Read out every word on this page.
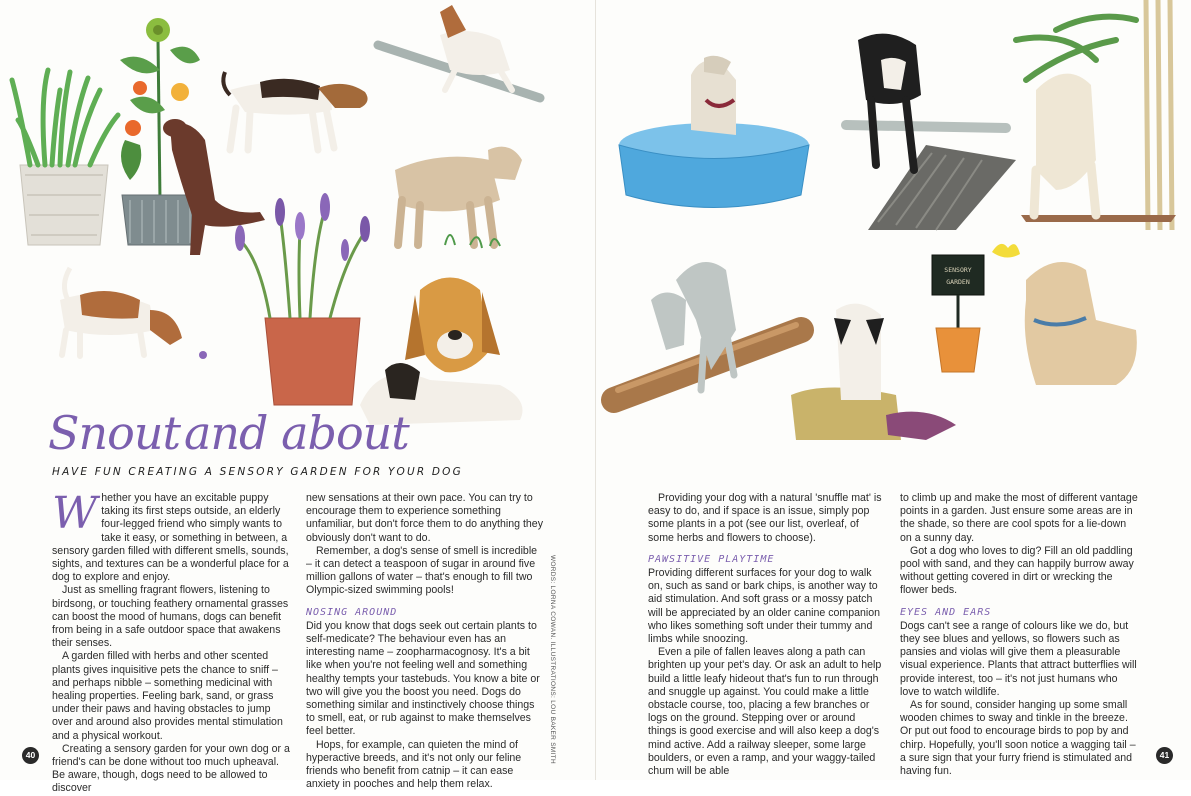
Snout and about
HAVE FUN CREATING A SENSORY GARDEN FOR YOUR DOG

Whether you have an excitable puppy taking its first steps outside, an elderly four-legged friend who simply wants to take it easy, or something in between, a sensory garden filled with different smells, sounds, sights, and textures can be a wonderful place for a dog to explore and enjoy.

Just as smelling fragrant flowers, listening to birdsong, or touching feathery ornamental grasses can boost the mood of humans, dogs can benefit from being in a safe outdoor space that awakens their senses.

A garden filled with herbs and other scented plants gives inquisitive pets the chance to sniff – and perhaps nibble – something medicinal with healing properties. Feeling bark, sand, or grass under their paws and having obstacles to jump over and around also provides mental stimulation and a physical workout.

Creating a sensory garden for your own dog or a friend's can be done without too much upheaval. Be aware, though, dogs need to be allowed to discover

new sensations at their own pace. You can try to encourage them to experience something unfamiliar, but don't force them to do anything they obviously don't want to do.

Remember, a dog's sense of smell is incredible – it can detect a teaspoon of sugar in around five million gallons of water – that's enough to fill two Olympic-sized swimming pools!

NOSING AROUND

Did you know that dogs seek out certain plants to self-medicate? The behaviour even has an interesting name – zoopharmacognosy. It's a bit like when you're not feeling well and something healthy tempts your tastebuds. You know a bite or two will give you the boost you need. Dogs do something similar and instinctively choose things to smell, eat, or rub against to make themselves feel better.

Hops, for example, can quieten the mind of hyperactive breeds, and it's not only our feline friends who benefit from catnip – it can ease anxiety in pooches and help them relax.

WORDS: LORNA COWAN. ILLUSTRATIONS: LOU BAKER SMITH
40
SENSORY
GARDEN

Providing your dog with a natural 'snuffle mat' is easy to do, and if space is an issue, simply pop some plants in a pot (see our list, overleaf, of some herbs and flowers to choose).

PAWSITIVE PLAYTIME

Providing different surfaces for your dog to walk on, such as sand or bark chips, is another way to aid stimulation. And soft grass or a mossy patch will be appreciated by an older canine companion who likes something soft under their tummy and limbs while snoozing.

Even a pile of fallen leaves along a path can brighten up your pet's day. Or ask an adult to help build a little leafy hideout that's fun to run through and snuggle up against. You could make a little obstacle course, too, placing a few branches or logs on the ground. Stepping over or around things is good exercise and will also keep a dog's mind active. Add a railway sleeper, some large boulders, or even a ramp, and your waggy-tailed chum will be able

to climb up and make the most of different vantage points in a garden. Just ensure some areas are in the shade, so there are cool spots for a lie-down on a sunny day.

Got a dog who loves to dig? Fill an old paddling pool with sand, and they can happily burrow away without getting covered in dirt or wrecking the flower beds.

EYES AND EARS

Dogs can't see a range of colours like we do, but they see blues and yellows, so flowers such as pansies and violas will give them a pleasurable visual experience. Plants that attract butterflies will provide interest, too – it's not just humans who love to watch wildlife.

As for sound, consider hanging up some small wooden chimes to sway and tinkle in the breeze. Or put out food to encourage birds to pop by and chirp. Hopefully, you'll soon notice a wagging tail – a sure sign that your furry friend is stimulated and having fun.

41
